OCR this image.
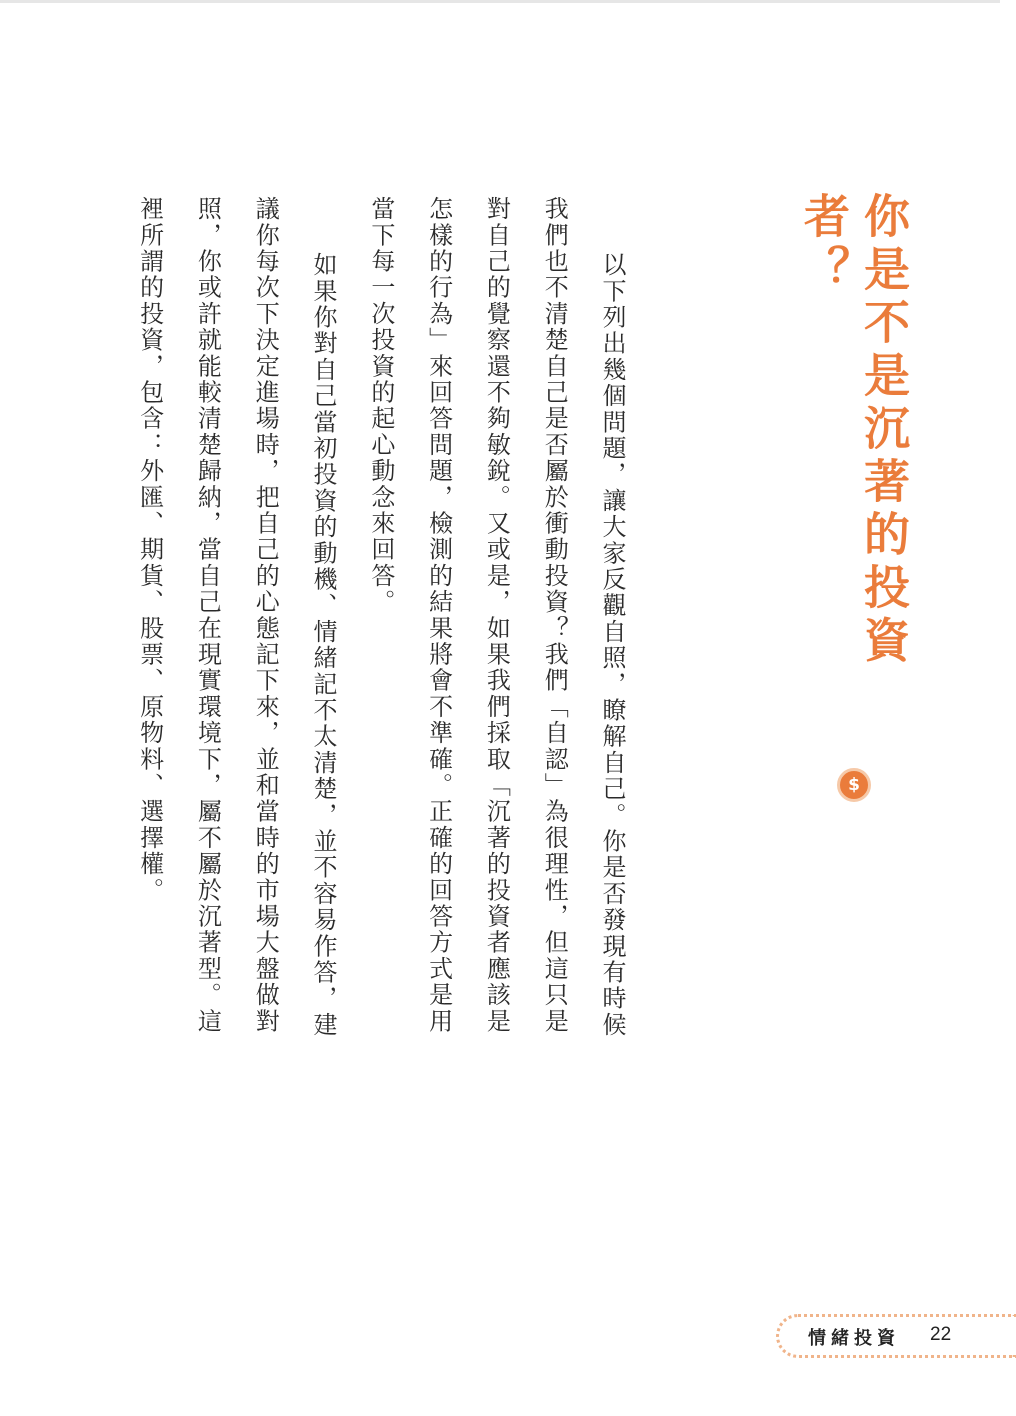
你是不是沉著的投資者？
$

以下列出幾個問題，讓大家反觀自照，瞭解自己。你是否發現有時候我們也不清楚自己是否屬於衝動投資？我們「自認」為很理性，但這只是對自己的覺察還不夠敏銳。又或是，如果我們採取「沉著的投資者應該是怎樣的行為」來回答問題，檢測的結果將會不準確。正確的回答方式是用當下每一次投資的起心動念來回答。

如果你對自己當初投資的動機、情緒記不太清楚，並不容易作答，建議你每次下決定進場時，把自己的心態記下來，並和當時的市場大盤做對照，你或許就能較清楚歸納，當自己在現實環境下，屬不屬於沉著型。這裡所謂的投資，包含：外匯、期貨、股票、原物料、選擇權。

情緒投資 22
